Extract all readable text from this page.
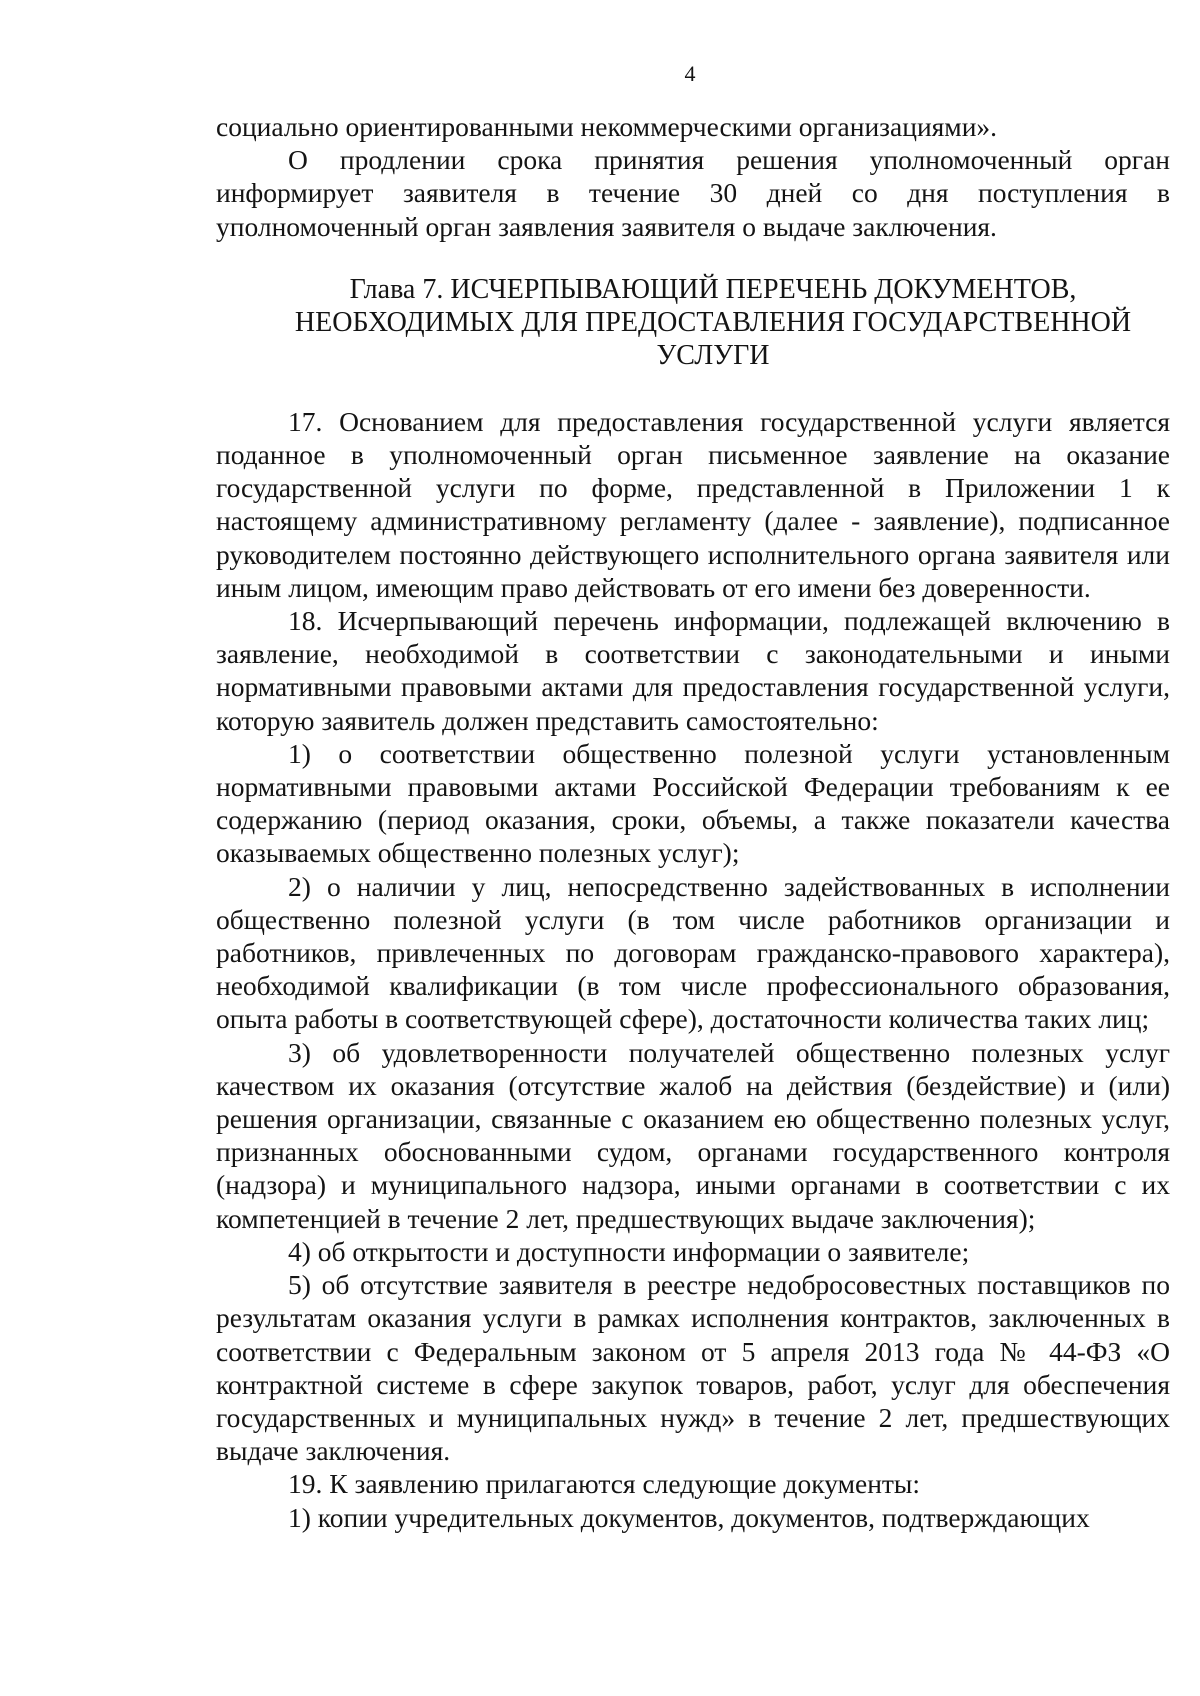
4

социально ориентированными некоммерческими организациями».

О продлении срока принятия решения уполномоченный орган информирует заявителя в течение 30 дней со дня поступления в уполномоченный орган заявления заявителя о выдаче заключения.

Глава 7. ИСЧЕРПЫВАЮЩИЙ ПЕРЕЧЕНЬ ДОКУМЕНТОВ,
НЕОБХОДИМЫХ ДЛЯ ПРЕДОСТАВЛЕНИЯ ГОСУДАРСТВЕННОЙ
УСЛУГИ

17. Основанием для предоставления государственной услуги является поданное в уполномоченный орган письменное заявление на оказание государственной услуги по форме, представленной в Приложении 1 к настоящему административному регламенту (далее - заявление), подписанное руководителем постоянно действующего исполнительного органа заявителя или иным лицом, имеющим право действовать от его имени без доверенности.

18. Исчерпывающий перечень информации, подлежащей включению в заявление, необходимой в соответствии с законодательными и иными нормативными правовыми актами для предоставления государственной услуги, которую заявитель должен представить самостоятельно:

1) о соответствии общественно полезной услуги установленным нормативными правовыми актами Российской Федерации требованиям к ее содержанию (период оказания, сроки, объемы, а также показатели качества оказываемых общественно полезных услуг);

2) о наличии у лиц, непосредственно задействованных в исполнении общественно полезной услуги (в том числе работников организации и работников, привлеченных по договорам гражданско-правового характера), необходимой квалификации (в том числе профессионального образования, опыта работы в соответствующей сфере), достаточности количества таких лиц;

3) об удовлетворенности получателей общественно полезных услуг качеством их оказания (отсутствие жалоб на действия (бездействие) и (или) решения организации, связанные с оказанием ею общественно полезных услуг, признанных обоснованными судом, органами государственного контроля (надзора) и муниципального надзора, иными органами в соответствии с их компетенцией в течение 2 лет, предшествующих выдаче заключения);

4) об открытости и доступности информации о заявителе;

5) об отсутствие заявителя в реестре недобросовестных поставщиков по результатам оказания услуги в рамках исполнения контрактов, заключенных в соответствии с Федеральным законом от 5 апреля 2013 года № 44-ФЗ «О контрактной системе в сфере закупок товаров, работ, услуг для обеспечения государственных и муниципальных нужд» в течение 2 лет, предшествующих выдаче заключения.

19. К заявлению прилагаются следующие документы:

1) копии учредительных документов, документов, подтверждающих
